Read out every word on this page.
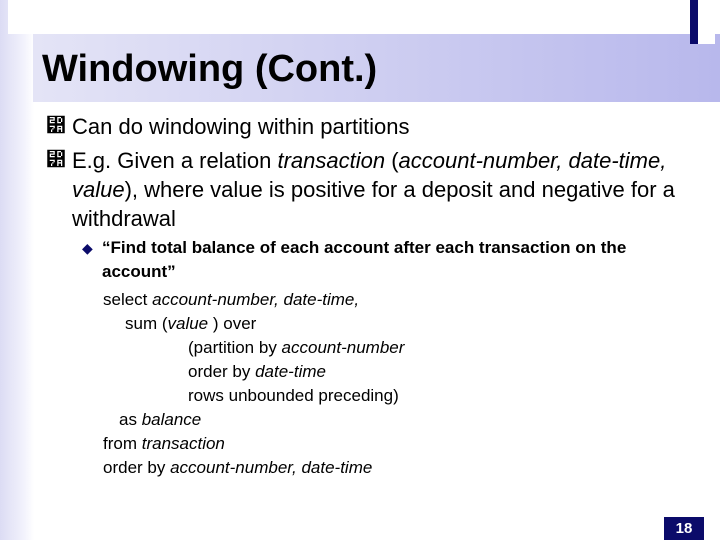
Windowing (Cont.)
⵺ Can do windowing within partitions
⵺ E.g. Given a relation transaction (account-number, date-time, value), where value is positive for a deposit and negative for a withdrawal
◆ “Find total balance of each account after each transaction on the account”
select account-number, date-time,
sum (value ) over
(partition by account-number
order by date-time
rows unbounded preceding)
as balance
from transaction
order by account-number, date-time
18
